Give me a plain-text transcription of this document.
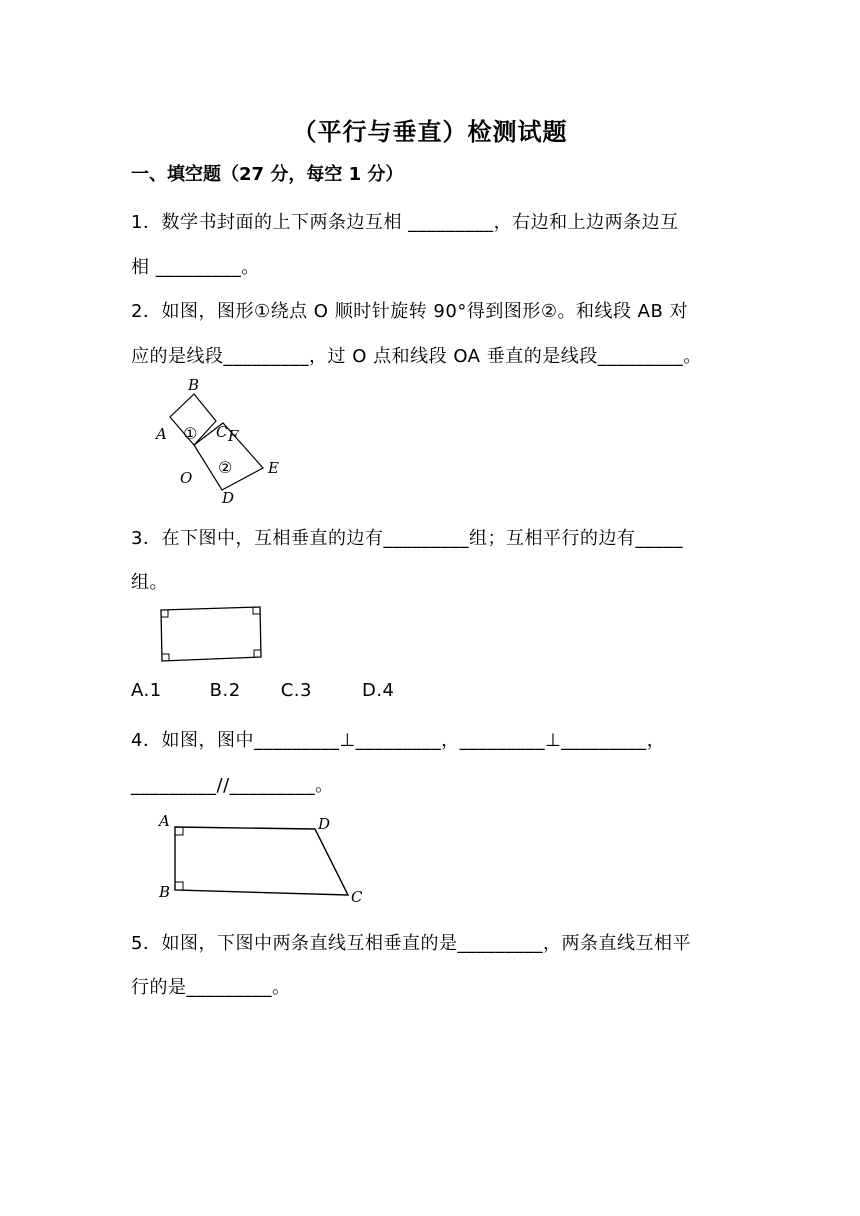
（平行与垂直）检测试题
一、填空题（27 分，每空 1 分）
1．数学书封面的上下两条边互相 _________，右边和上边两条边互
相 _________。
2．如图，图形①绕点 O 顺时针旋转 90°得到图形②。和线段 AB 对
应的是线段_________，过 O 点和线段 OA 垂直的是线段_________。
B
A	C F
O
E
D
①
②
3．在下图中，互相垂直的边有_________组；互相平行的边有_____
组。
A.1	B.2 C.3	D.4
4．如图，图中_________⊥_________，_________⊥_________，
_________//_________。
A	D
B	C
5．如图，下图中两条直线互相垂直的是_________，两条直线互相平
行的是_________。
